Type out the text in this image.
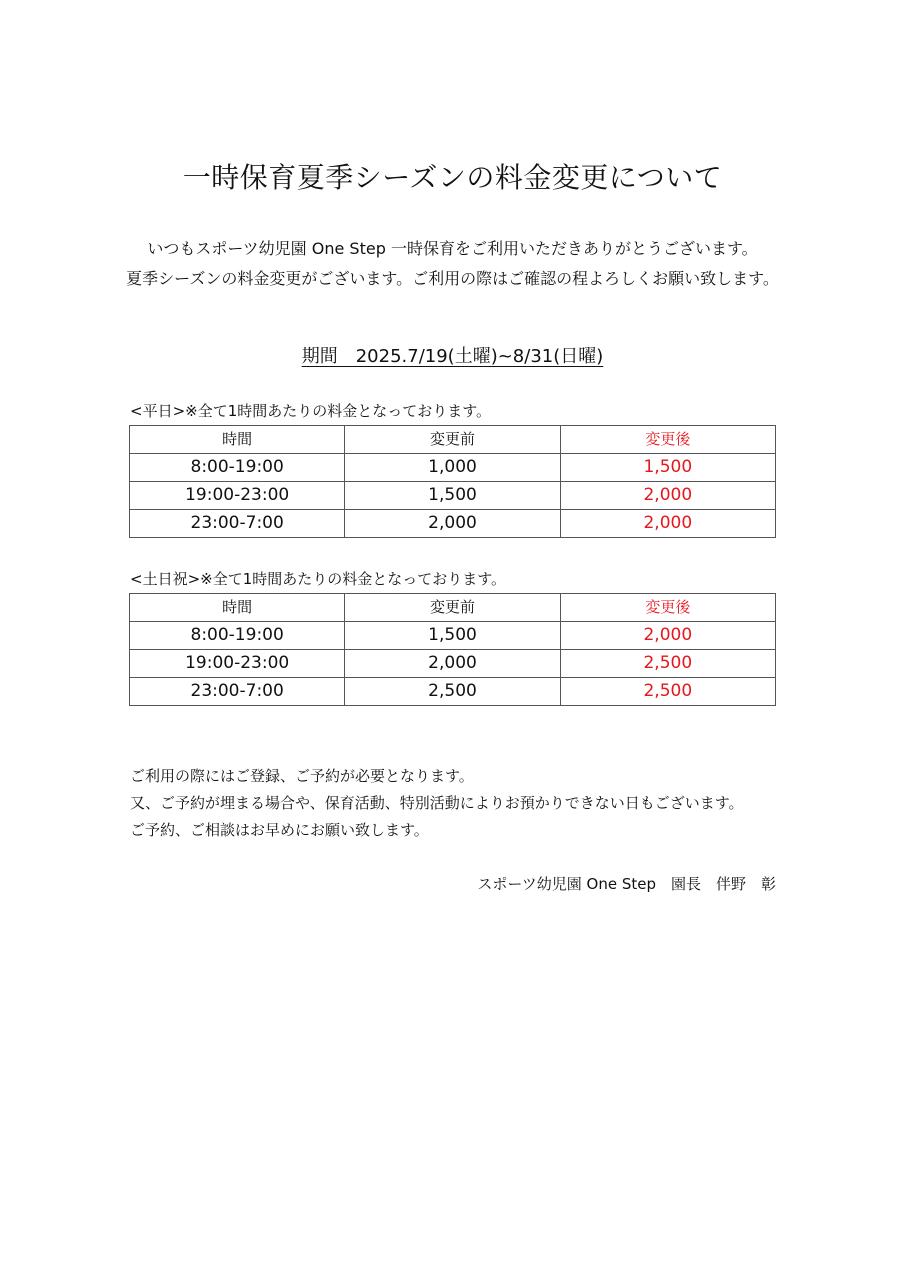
一時保育夏季シーズンの料金変更について
いつもスポーツ幼児園 One Step 一時保育をご利用いただきありがとうございます。
夏季シーズンの料金変更がございます。ご利用の際はご確認の程よろしくお願い致します。
期間　2025.7/19(土曜)~8/31(日曜)
<平日>※全て1時間あたりの料金となっております。
時間	変更前	変更後
8:00-19:00	1,000	1,500
19:00-23:00	1,500	2,000
23:00-7:00	2,000	2,000
<土日祝>※全て1時間あたりの料金となっております。
時間	変更前	変更後
8:00-19:00	1,500	2,000
19:00-23:00	2,000	2,500
23:00-7:00	2,500	2,500
ご利用の際にはご登録、ご予約が必要となります。
又、ご予約が埋まる場合や、保育活動、特別活動によりお預かりできない日もございます。
ご予約、ご相談はお早めにお願い致します。
スポーツ幼児園 One Step　園長　伴野　彰
